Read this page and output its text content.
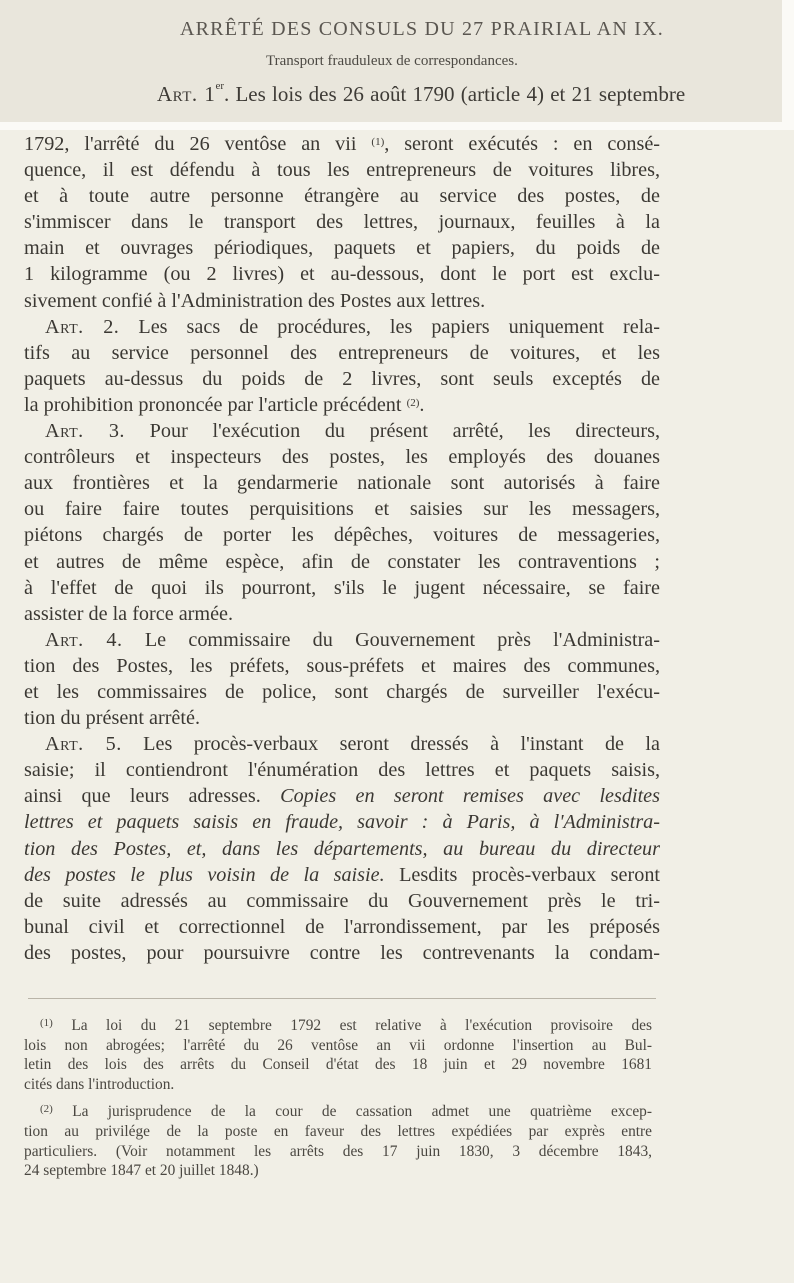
ARRÊTÉ DES CONSULS DU 27 PRAIRIAL AN IX.
Transport frauduleux de correspondances.
Art. 1er. Les lois des 26 août 1790 (article 4) et 21 septembre
1792, l'arrêté du 26 ventôse an vii $^{(1)}$, seront exécutés : en consé-
quence, il est défendu à tous les entrepreneurs de voitures libres,
et à toute autre personne étrangère au service des postes, de
s'immiscer dans le transport des lettres, journaux, feuilles à la
main et ouvrages périodiques, paquets et papiers, du poids de
1 kilogramme (ou 2 livres) et au-dessous, dont le port est exclu-
sivement confié à l'Administration des Postes aux lettres.
Art. 2. Les sacs de procédures, les papiers uniquement rela-
tifs au service personnel des entrepreneurs de voitures, et les
paquets au-dessus du poids de 2 livres, sont seuls exceptés de
la prohibition prononcée par l'article précédent $^{(2)}$.
Art. 3. Pour l'exécution du présent arrêté, les directeurs,
contrôleurs et inspecteurs des postes, les employés des douanes
aux frontières et la gendarmerie nationale sont autorisés à faire
ou faire faire toutes perquisitions et saisies sur les messagers,
piétons chargés de porter les dépêches, voitures de messageries,
et autres de même espèce, afin de constater les contraventions ;
à l'effet de quoi ils pourront, s'ils le jugent nécessaire, se faire
assister de la force armée.
Art. 4. Le commissaire du Gouvernement près l'Administra-
tion des Postes, les préfets, sous-préfets et maires des communes,
et les commissaires de police, sont chargés de surveiller l'exécu-
tion du présent arrêté.
Art. 5. Les procès-verbaux seront dressés à l'instant de la
saisie; il contiendront l'énumération des lettres et paquets saisis,
ainsi que leurs adresses. Copies en seront remises avec lesdites
lettres et paquets saisis en fraude, savoir : à Paris, à l'Administra-
tion des Postes, et, dans les départements, au bureau du directeur
des postes le plus voisin de la saisie. Lesdits procès-verbaux seront
de suite adressés au commissaire du Gouvernement près le tri-
bunal civil et correctionnel de l'arrondissement, par les préposés
des postes, pour poursuivre contre les contrevenants la condam-
$^{(1)}$ La loi du 21 septembre 1792 est relative à l'exécution provisoire des
lois non abrogées; l'arrêté du 26 ventôse an vii ordonne l'insertion au Bul-
letin des lois des arrêts du Conseil d'état des 18 juin et 29 novembre 1681
cités dans l'introduction.
$^{(2)}$ La jurisprudence de la cour de cassation admet une quatrième excep-
tion au privilége de la poste en faveur des lettres expédiées par exprès entre
particuliers. (Voir notamment les arrêts des 17 juin 1830, 3 décembre 1843,
24 septembre 1847 et 20 juillet 1848.)
